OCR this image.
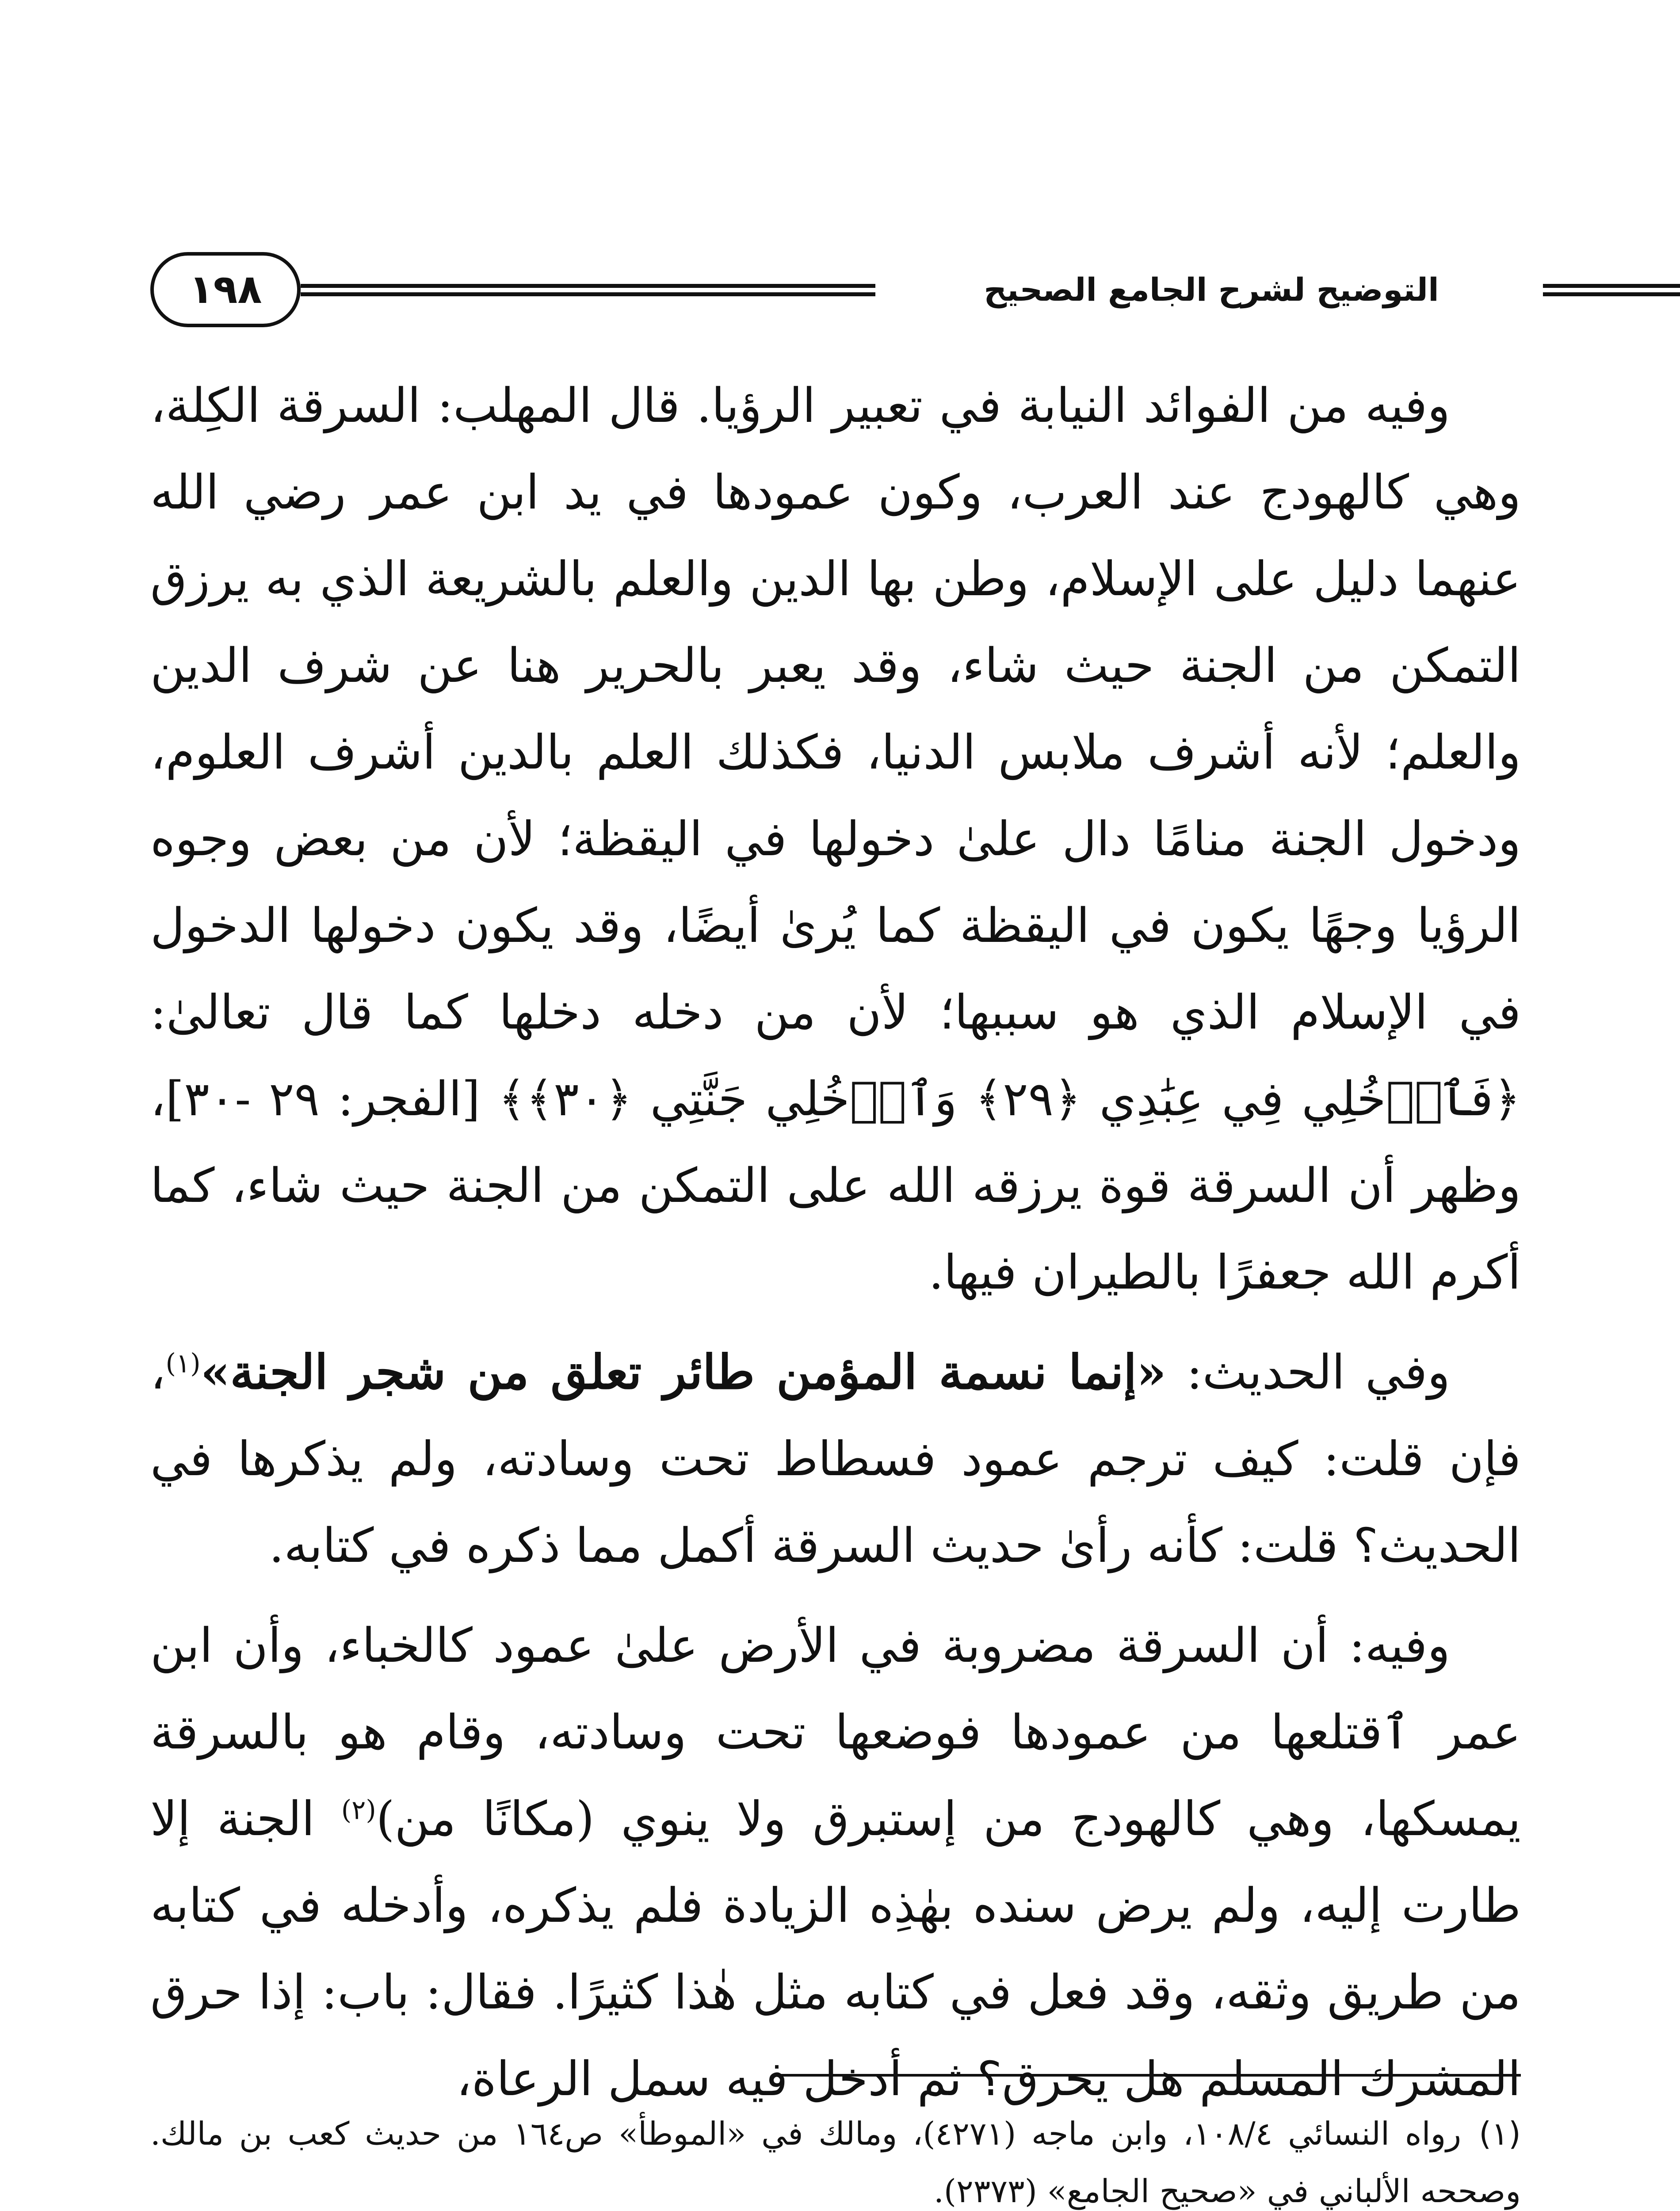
١٩٨	التوضيح لشرح الجامع الصحيح

وفيه من الفوائد النيابة في تعبير الرؤيا. قال المهلب: السرقة الكِلة، وهي كالهودج عند العرب، وكون عمودها في يد ابن عمر رضي الله عنهما دليل على الإسلام، وطن بها الدين والعلم بالشريعة الذي به يرزق التمكن من الجنة حيث شاء، وقد يعبر بالحرير هنا عن شرف الدين والعلم؛ لأنه أشرف ملابس الدنيا، فكذلك العلم بالدين أشرف العلوم، ودخول الجنة منامًا دال علىٰ دخولها في اليقظة؛ لأن من بعض وجوه الرؤيا وجهًا يكون في اليقظة كما يُرىٰ أيضًا، وقد يكون دخولها الدخول في الإسلام الذي هو سببها؛ لأن من دخله دخلها كما قال تعالىٰ: ﴿فَٱدۡخُلِي فِي عِبَٰدِي ﴿٢٩﴾ وَٱدۡخُلِي جَنَّتِي ﴿٣٠﴾﴾ [الفجر: ٢٩ -٣٠]، وظهر أن السرقة قوة يرزقه الله على التمكن من الجنة حيث شاء، كما أكرم الله جعفرًا بالطيران فيها.

وفي الحديث: «إنما نسمة المؤمن طائر تعلق من شجر الجنة»$^{(١)}$، فإن قلت: كيف ترجم عمود فسطاط تحت وسادته، ولم يذكرها في الحديث؟ قلت: كأنه رأىٰ حديث السرقة أكمل مما ذكره في كتابه.

وفيه: أن السرقة مضروبة في الأرض علىٰ عمود كالخباء، وأن ابن عمر ٱقتلعها من عمودها فوضعها تحت وسادته، وقام هو بالسرقة يمسكها، وهي كالهودج من إستبرق ولا ينوي (مكانًا من)$^{(٢)}$ الجنة إلا طارت إليه، ولم يرض سنده بهٰذِه الزيادة فلم يذكره، وأدخله في كتابه من طريق وثقه، وقد فعل في كتابه مثل هٰذا كثيرًا. فقال: باب: إذا حرق المشرك المسلم هل يحرق؟ ثم أدخل فيه سمل الرعاة،

(١)رواه النسائي ١٠٨/٤، وابن ماجه (٤٢٧١)، ومالك في «الموطأ» ص١٦٤ من حديث كعب بن مالك. وصححه الألباني في «صحيح الجامع» (٢٣٧٣).
